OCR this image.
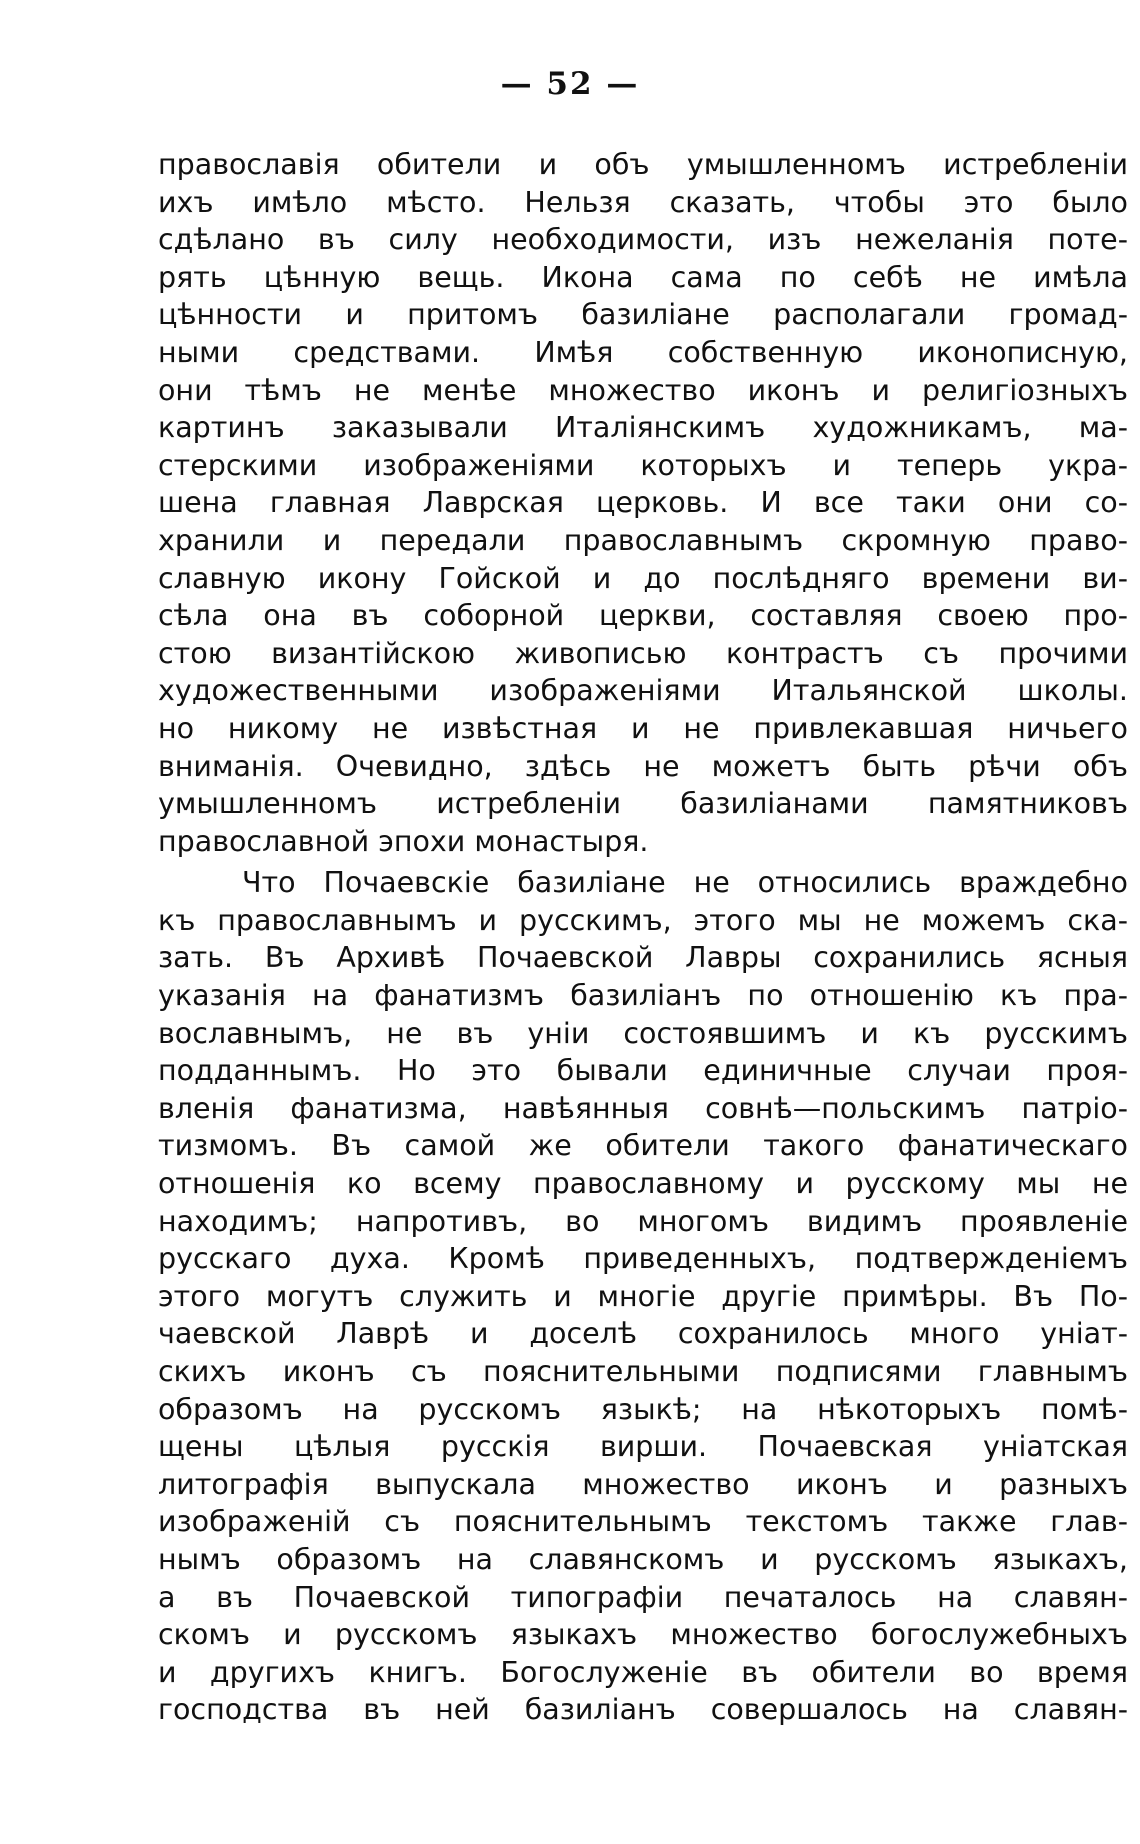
— 52 —
православія обители и объ умышленномъ истребленіи
ихъ имѣло мѣсто. Нельзя сказать, чтобы это было
сдѣлано въ силу необходимости, изъ нежеланія поте-
рять цѣнную вещь. Икона сама по себѣ не имѣла
цѣнности и притомъ базиліане располагали громад-
ными средствами. Имѣя собственную иконописную,
они тѣмъ не менѣе множество иконъ и религіозныхъ
картинъ заказывали Италіянскимъ художникамъ, ма-
стерскими изображеніями которыхъ и теперь укра-
шена главная Лаврская церковь. И все таки они со-
хранили и передали православнымъ скромную право-
славную икону Гойской и до послѣдняго времени ви-
сѣла она въ соборной церкви, составляя своею про-
стою византійскою живописью контрастъ съ прочими
художественными изображеніями Итальянской школы.
но никому не извѣстная и не привлекавшая ничьего
вниманія. Очевидно, здѣсь не можетъ быть рѣчи объ
умышленномъ истребленіи базиліанами памятниковъ
православной эпохи монастыря.
Что Почаевскіе базиліане не относились враждебно
къ православнымъ и русскимъ, этого мы не можемъ ска-
зать. Въ Архивѣ Почаевской Лавры сохранились ясныя
указанія на фанатизмъ базиліанъ по отношенію къ пра-
вославнымъ, не въ уніи состоявшимъ и къ русскимъ
подданнымъ. Но это бывали единичные случаи проя-
вленія фанатизма, навѣянныя совнѣ—польскимъ патріо-
тизмомъ. Въ самой же обители такого фанатическаго
отношенія ко всему православному и русскому мы не
находимъ; напротивъ, во многомъ видимъ проявленіе
русскаго духа. Кромѣ приведенныхъ, подтвержденіемъ
этого могутъ служить и многіе другіе примѣры. Въ По-
чаевской Лаврѣ и доселѣ сохранилось много уніат-
скихъ иконъ съ пояснительными подписями главнымъ
образомъ на русскомъ языкѣ; на нѣкоторыхъ помѣ-
щены цѣлыя русскія вирши. Почаевская уніатская
литографія выпускала множество иконъ и разныхъ
изображеній съ пояснительнымъ текстомъ также глав-
нымъ образомъ на славянскомъ и русскомъ языкахъ,
а въ Почаевской типографіи печаталось на славян-
скомъ и русскомъ языкахъ множество богослужебныхъ
и другихъ книгъ. Богослуженіе въ обители во время
господства въ ней базиліанъ совершалось на славян-
